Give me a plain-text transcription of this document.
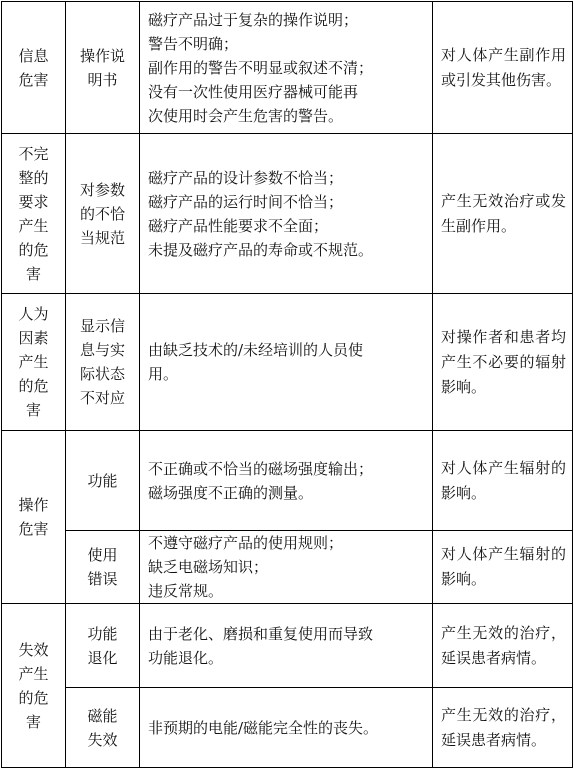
信息危害	操作说明书	磁疗产品过于复杂的操作说明；
警告不明确；
副作用的警告不明显或叙述不清；
没有一次性使用医疗器械可能再
次使用时会产生危害的警告。	对人体产生副作用或引发其他伤害。
不完整的要求产生的危害	对参数的不恰当规范	磁疗产品的设计参数不恰当；
磁疗产品的运行时间不恰当；
磁疗产品性能要求不全面；
未提及磁疗产品的寿命或不规范。	产生无效治疗或发生副作用。
人为因素产生的危害	显示信息与实际状态不对应	由缺乏技术的/未经培训的人员使
用。	对操作者和患者均产生不必要的辐射影响。
操作危害	功能	不正确或不恰当的磁场强度输出；
磁场强度不正确的测量。	对人体产生辐射的影响。
	使用错误	不遵守磁疗产品的使用规则；
缺乏电磁场知识；
违反常规。	对人体产生辐射的影响。
失效产生的危害	功能退化	由于老化、磨损和重复使用而导致
功能退化。	产生无效的治疗，延误患者病情。
	磁能失效	非预期的电能/磁能完全性的丧失。	产生无效的治疗，延误患者病情。
